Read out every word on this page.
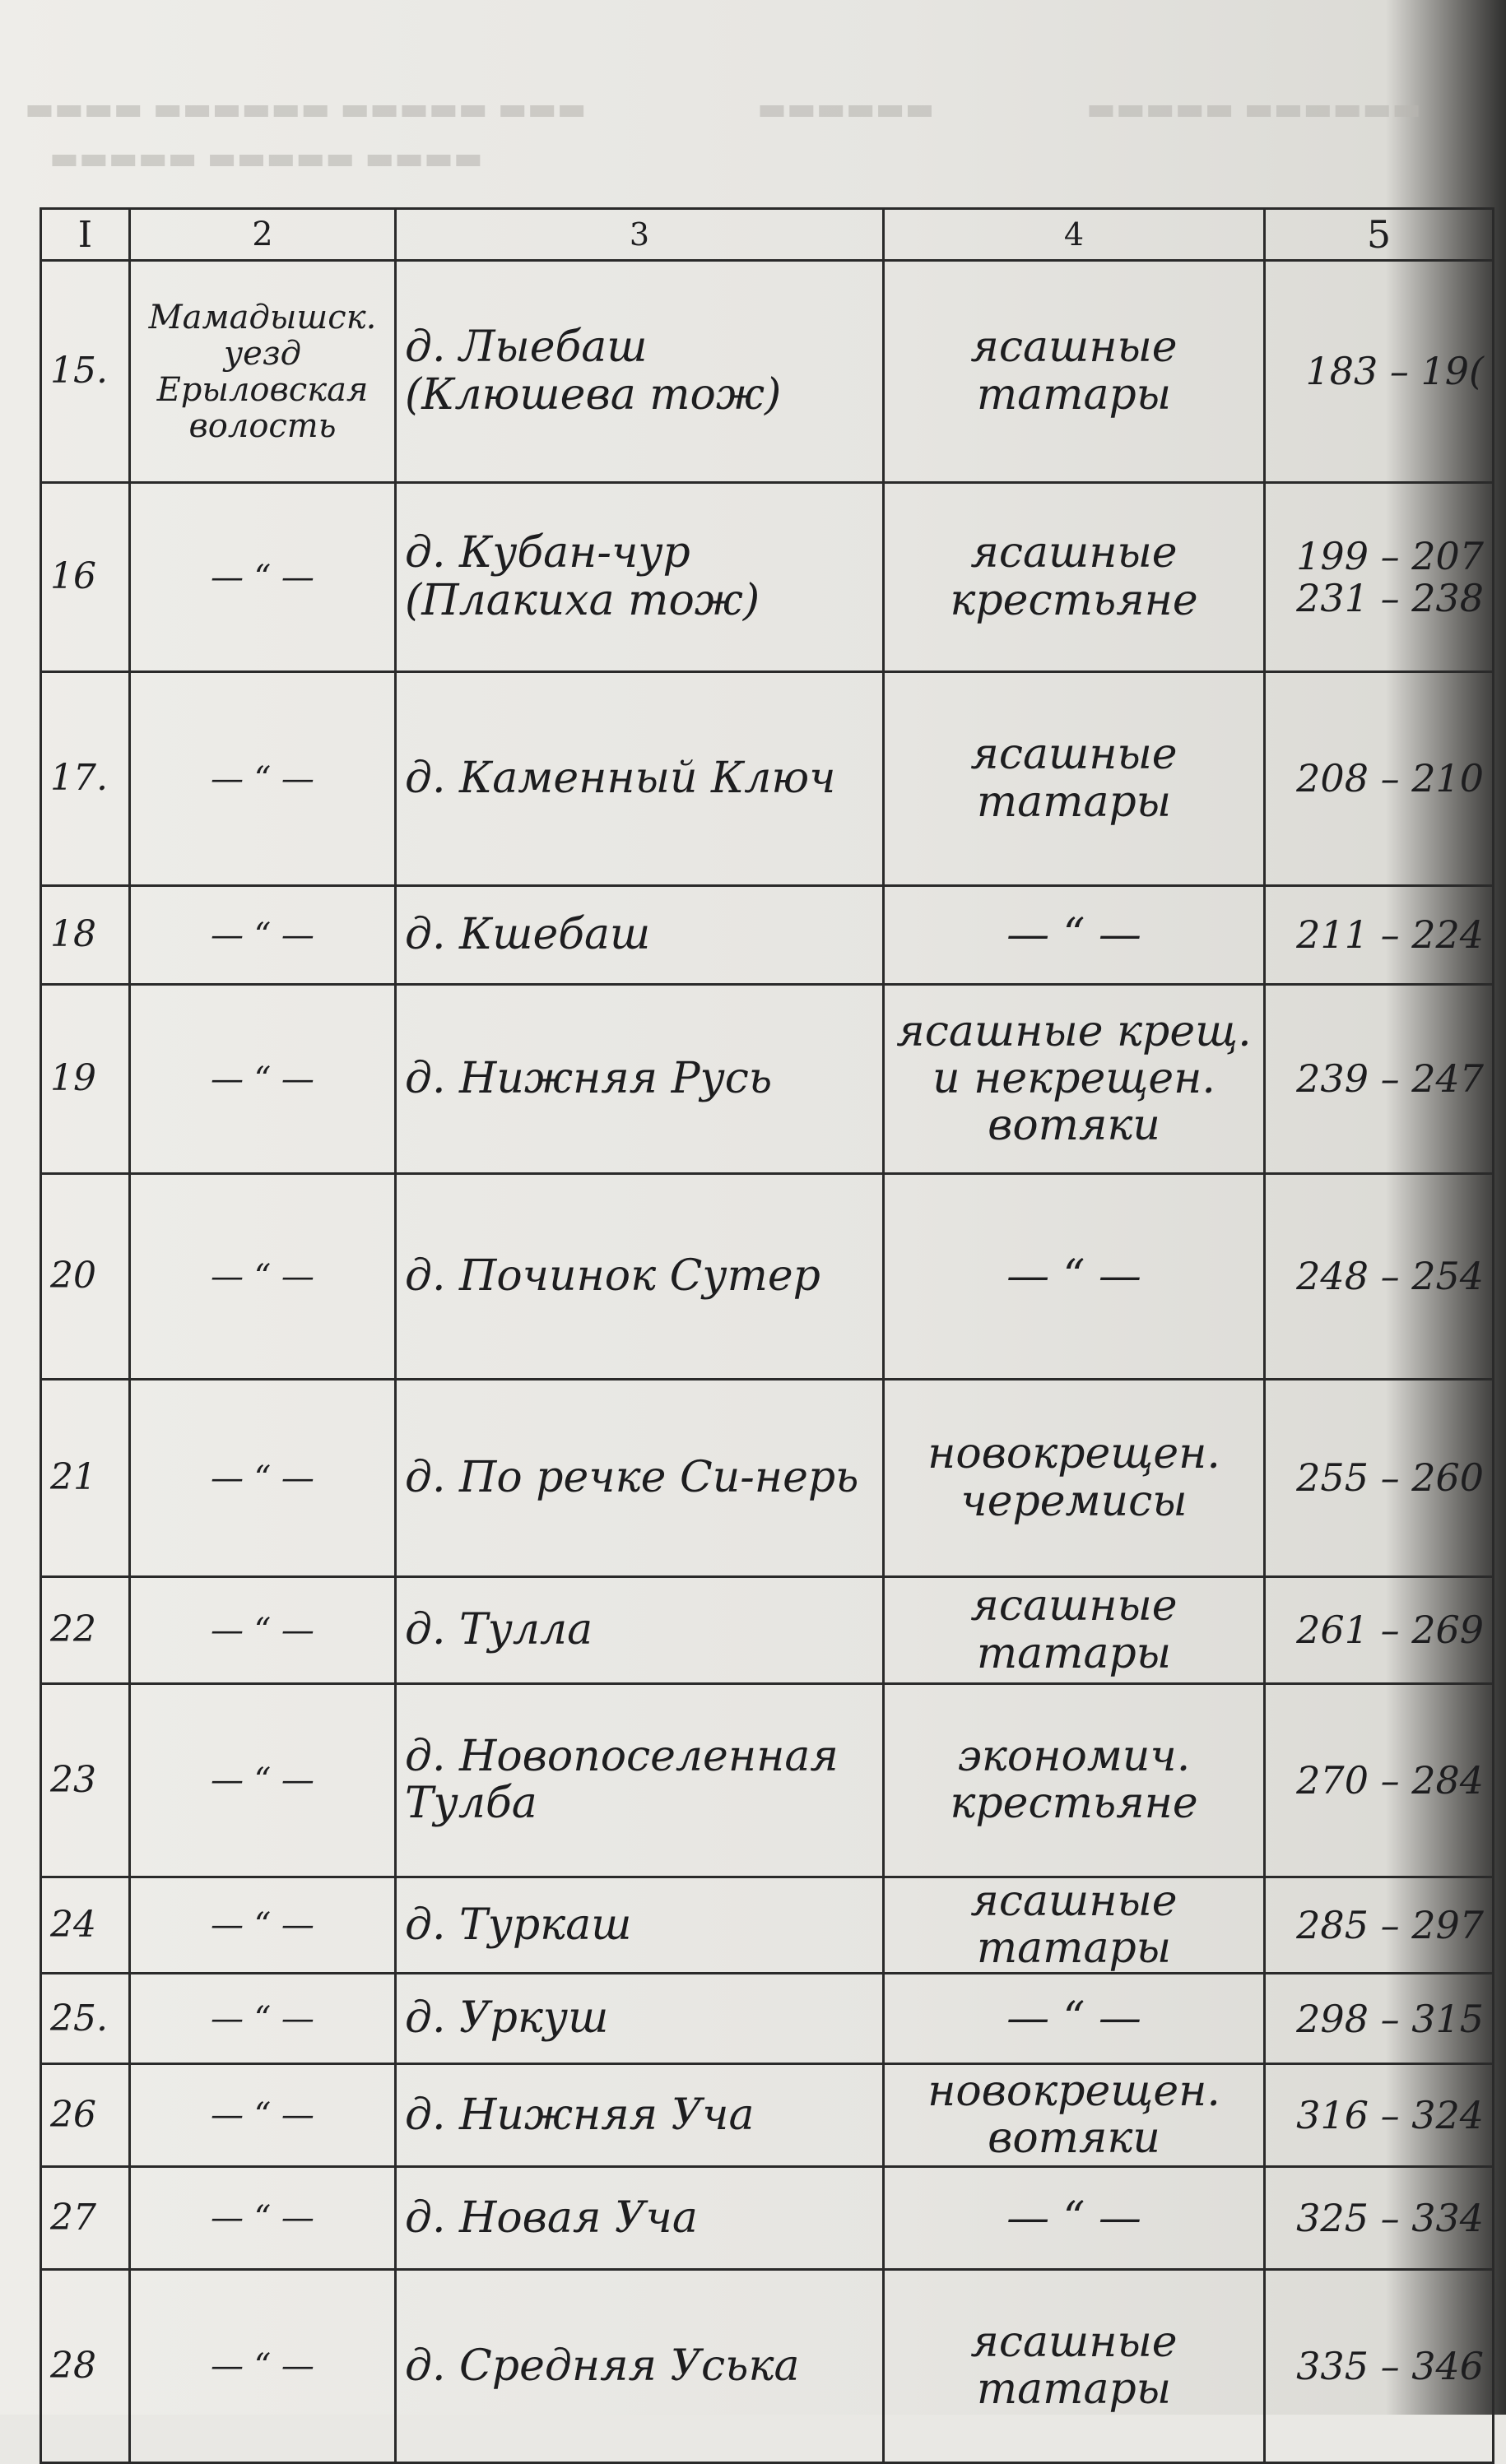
▬▬▬▬ ▬▬▬▬▬▬ ▬▬▬▬▬ ▬▬▬	▬▬▬▬▬▬	▬▬▬▬▬ ▬▬▬▬▬▬
▬▬▬▬▬ ▬▬▬▬▬ ▬▬▬▬
I	2	3	4	5
15.	Мамадышск. уезд Ерыловская волость	д. Лыебаш (Клюшева тож)	ясашные татары	183 – 19(
16	— “ —	д. Кубан-чур (Плакиха тож)	ясашные крестьяне	199 – 207 231 – 238
17.	— “ —	д. Каменный Ключ	ясашные татары	208 – 210
18	— “ —	д. Кшебаш	— “ —	211 – 224
19	— “ —	д. Нижняя Русь	ясашные крещ. и некрещен. вотяки	239 – 247
20	— “ —	д. Починок Сутер	— “ —	248 – 254
21	— “ —	д. По речке Си-нерь	новокрещен. черемисы	255 – 260
22	— “ —	д. Тулла	ясашные татары	261 – 269
23	— “ —	д. Новопоселенная Тулба	экономич. крестьяне	270 – 284
24	— “ —	д. Туркаш	ясашные татары	285 – 297
25.	— “ —	д. Уркуш	— “ —	298 – 315
26	— “ —	д. Нижняя Уча	новокрещен. вотяки	316 – 324
27	— “ —	д. Новая Уча	— “ —	325 – 334
28	— “ —	д. Средняя Уська	ясашные татары	335 – 346
